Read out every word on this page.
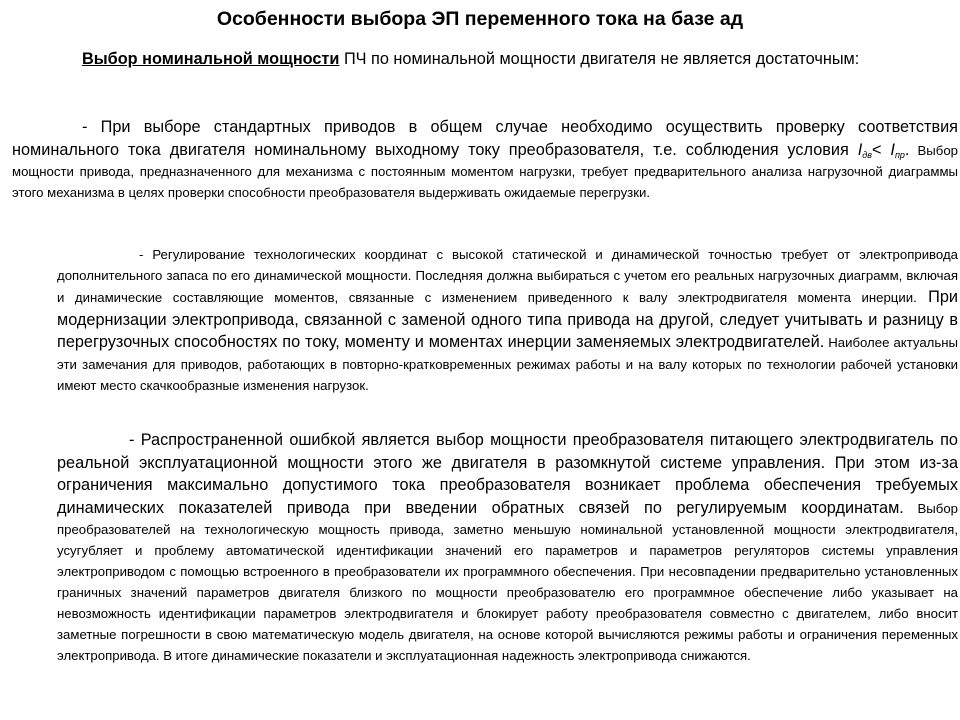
Особенности выбора ЭП переменного тока на базе ад

Выбор номинальной мощности ПЧ по номинальной мощности двигателя не является достаточным:

- При выборе стандартных приводов в общем случае необходимо осуществить проверку соответствия номинального тока двигателя номинальному выходному току преобразователя, т.е. соблюдения условия $I_{дв}< I_{пр}$. Выбор мощности привода, предназначенного для механизма с постоянным моментом нагрузки, требует предварительного анализа нагрузочной диаграммы этого механизма в целях проверки способности преобразователя выдерживать ожидаемые перегрузки.

- Регулирование технологических координат с высокой статической и динамической точностью требует от электропривода дополнительного запаса по его динамической мощности. Последняя должна выбираться с учетом его реальных нагрузочных диаграмм, включая и динамические составляющие моментов, связанные с изменением приведенного к валу электродвигателя момента инерции. При модернизации электропривода, связанной с заменой одного типа привода на другой, следует учитывать и разницу в перегрузочных способностях по току, моменту и моментах инерции заменяемых электродвигателей. Наиболее актуальны эти замечания для приводов, работающих в повторно-кратковременных режимах работы и на валу которых по технологии рабочей установки имеют место скачкообразные изменения нагрузок.

- Распространенной ошибкой является выбор мощности преобразователя питающего электродвигатель по реальной эксплуатационной мощности этого же двигателя в разомкнутой системе управления. При этом из-за ограничения максимально допустимого тока преобразователя возникает проблема обеспечения требуемых динамических показателей привода при введении обратных связей по регулируемым координатам. Выбор преобразователей на технологическую мощность привода, заметно меньшую номинальной установленной мощности электродвигателя, усугубляет и проблему автоматической идентификации значений его параметров и параметров регуляторов системы управления электроприводом с помощью встроенного в преобразователи их программного обеспечения. При несовпадении предварительно установленных граничных значений параметров двигателя близкого по мощности преобразователю его программное обеспечение либо указывает на невозможность идентификации параметров электродвигателя и блокирует работу преобразователя совместно с двигателем, либо вносит заметные погрешности в свою математическую модель двигателя, на основе которой вычисляются режимы работы и ограничения переменных электропривода. В итоге динамические показатели и эксплуатационная надежность электропривода снижаются.
